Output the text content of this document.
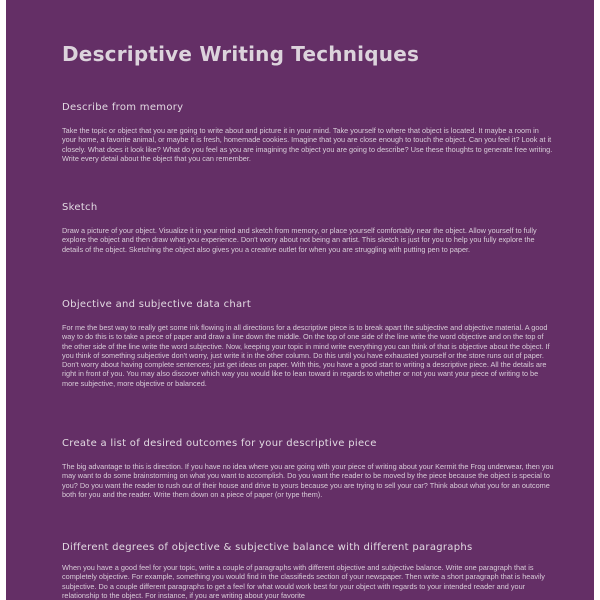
Descriptive Writing Techniques
Describe from memory

Take the topic or object that you are going to write about and picture it in your mind. Take yourself to where that object is located. It maybe a room in your home, a favorite animal, or maybe it is fresh, homemade cookies. Imagine that you are close enough to touch the object. Can you feel it? Look at it closely. What does it look like? What do you feel as you are imagining the object you are going to describe? Use these thoughts to generate free writing. Write every detail about the object that you can remember.

Sketch

Draw a picture of your object. Visualize it in your mind and sketch from memory, or place yourself comfortably near the object. Allow yourself to fully explore the object and then draw what you experience. Don't worry about not being an artist. This sketch is just for you to help you fully explore the details of the object. Sketching the object also gives you a creative outlet for when you are struggling with putting pen to paper.

Objective and subjective data chart

For me the best way to really get some ink flowing in all directions for a descriptive piece is to break apart the subjective and objective material. A good way to do this is to take a piece of paper and draw a line down the middle. On the top of one side of the line write the word objective and on the top of the other side of the line write the word subjective. Now, keeping your topic in mind write everything you can think of that is objective about the object. If you think of something subjective don't worry, just write it in the other column. Do this until you have exhausted yourself or the store runs out of paper. Don't worry about having complete sentences; just get ideas on paper. With this, you have a good start to writing a descriptive piece. All the details are right in front of you. You may also discover which way you would like to lean toward in regards to whether or not you want your piece of writing to be more subjective, more objective or balanced.

Create a list of desired outcomes for your descriptive piece

The big advantage to this is direction. If you have no idea where you are going with your piece of writing about your Kermit the Frog underwear, then you may want to do some brainstorming on what you want to accomplish. Do you want the reader to be moved by the piece because the object is special to you? Do you want the reader to rush out of their house and drive to yours because you are trying to sell your car? Think about what you for an outcome both for you and the reader. Write them down on a piece of paper (or type them).

Different degrees of objective & subjective balance with different paragraphs

When you have a good feel for your topic, write a couple of paragraphs with different objective and subjective balance. Write one paragraph that is completely objective. For example, something you would find in the classifieds section of your newspaper. Then write a short paragraph that is heavily subjective. Do a couple different paragraphs to get a feel for what would work best for your object with regards to your intended reader and your relationship to the object. For instance, if you are writing about your favorite
